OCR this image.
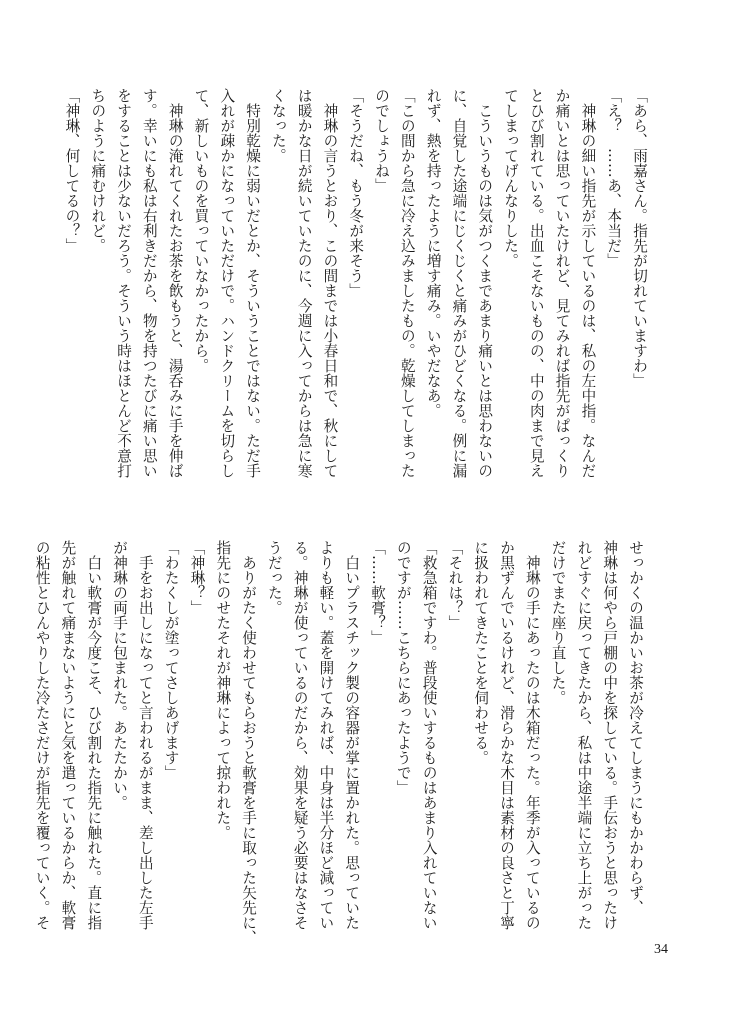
「あら、雨嘉さん。指先が切れていますわ」
「え？　……あ、本当だ」
　神琳の細い指先が示しているのは、私の左中指。なんだ
か痛いとは思っていたけれど、見てみれば指先がぱっくり
とひび割れている。出血こそないものの、中の肉まで見え
てしまってげんなりした。
　こういうものは気がつくまであまり痛いとは思わないの
に、自覚した途端にじくじくと痛みがひどくなる。例に漏
れず、熱を持ったように増す痛み。いやだなあ。
「この間から急に冷え込みましたもの。乾燥してしまった
のでしょうね」
「そうだね、もう冬が来そう」
　神琳の言うとおり、この間までは小春日和で、秋にして
は暖かな日が続いていたのに、今週に入ってからは急に寒
くなった。
　特別乾燥に弱いだとか、そういうことではない。ただ手
入れが疎かになっていただけで。ハンドクリームを切らし
て、新しいものを買っていなかったから。
　神琳の淹れてくれたお茶を飲もうと、湯呑みに手を伸ば
す。幸いにも私は右利きだから、物を持つたびに痛い思い
をすることは少ないだろう。そういう時はほとんど不意打
ちのように痛むけれど。
「神琳、何してるの？」
せっかくの温かいお茶が冷えてしまうにもかかわらず、
神琳は何やら戸棚の中を探している。手伝おうと思ったけ
れどすぐに戻ってきたから、私は中途半端に立ち上がった
だけでまた座り直した。
　神琳の手にあったのは木箱だった。年季が入っているの
か黒ずんでいるけれど、滑らかな木目は素材の良さと丁寧
に扱われてきたことを伺わせる。
「それは？」
「救急箱ですわ。普段使いするものはあまり入れていない
のですが……こちらにあったようで」
「……軟膏？」
　白いプラスチック製の容器が掌に置かれた。思っていた
よりも軽い。蓋を開けてみれば、中身は半分ほど減ってい
る。神琳が使っているのだから、効果を疑う必要はなさそ
うだった。
　ありがたく使わせてもらおうと軟膏を手に取った矢先に、
指先にのせたそれが神琳によって掠われた。
「神琳？」
「わたくしが塗ってさしあげます」
　手をお出しになってと言われるがまま、差し出した左手
が神琳の両手に包まれた。あたたかい。
　白い軟膏が今度こそ、ひび割れた指先に触れた。直に指
先が触れて痛まないようにと気を遣っているからか、軟膏
の粘性とひんやりした冷たさだけが指先を覆っていく。そ
34
